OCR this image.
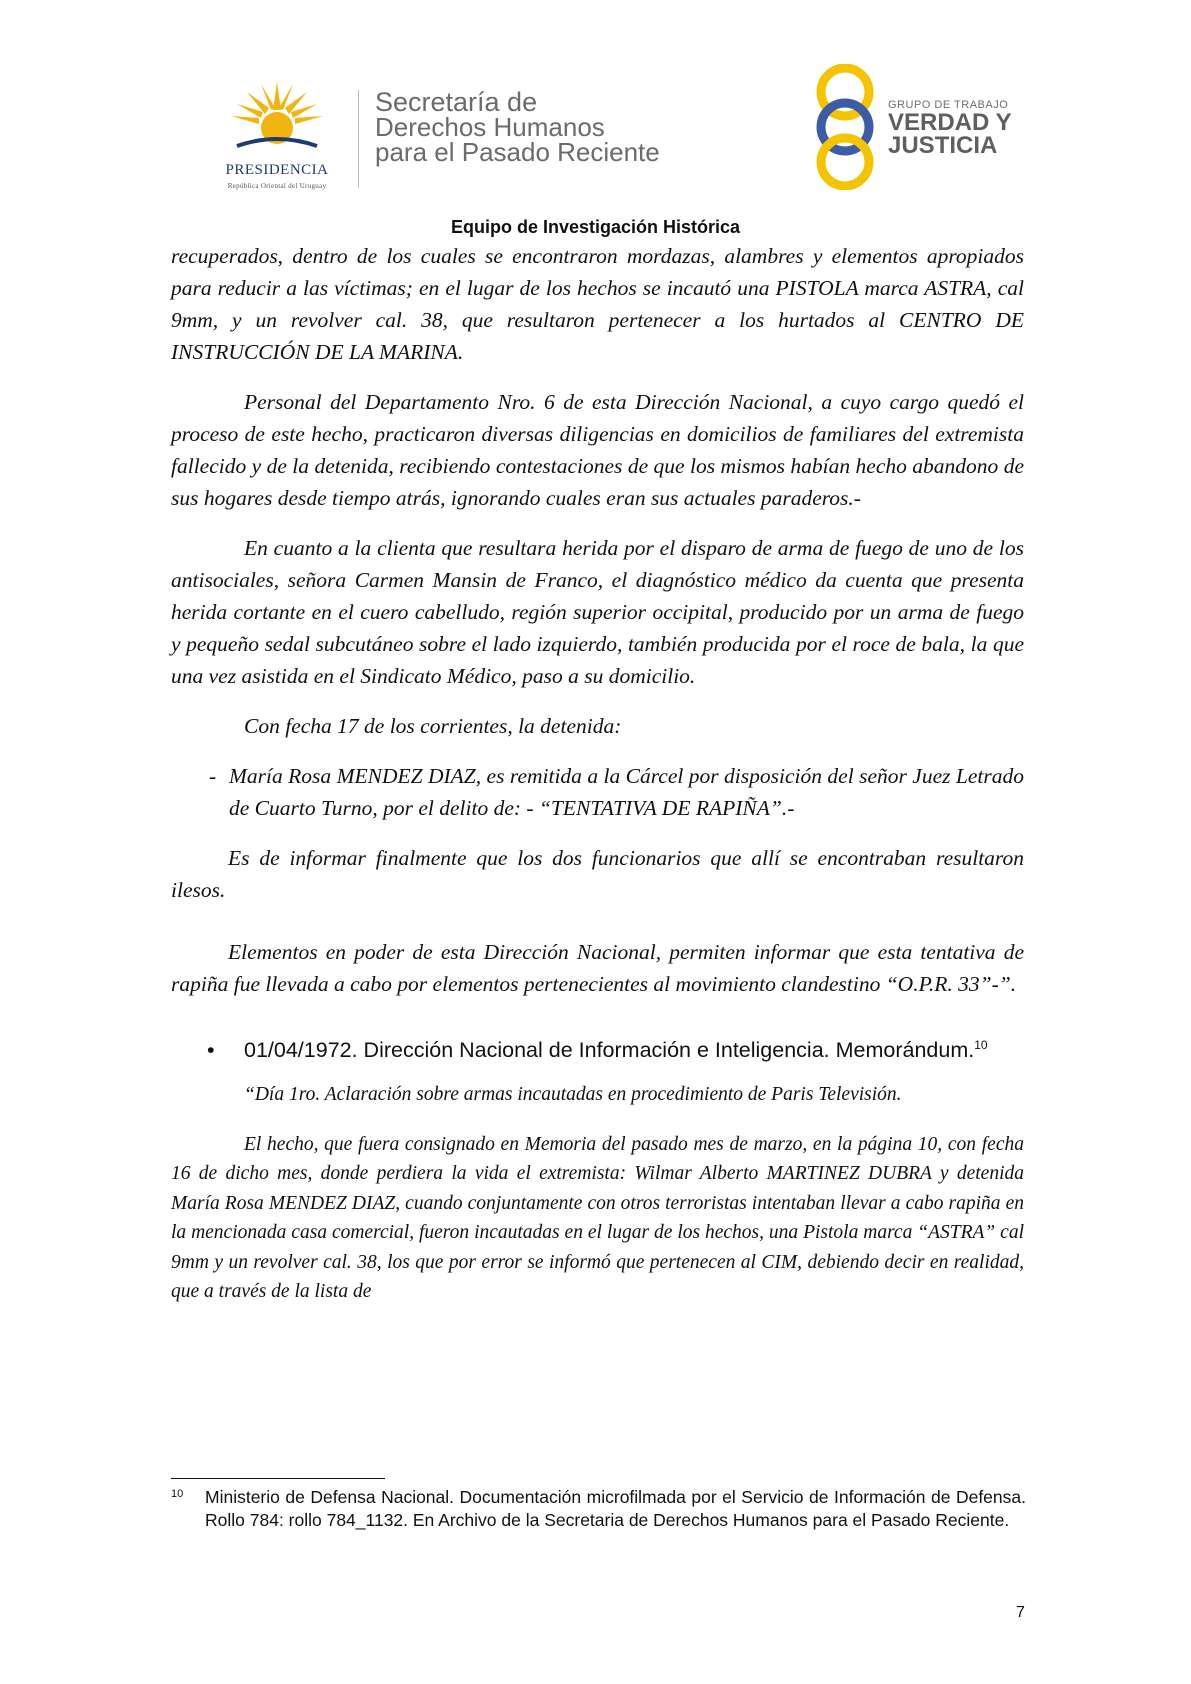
PRESIDENCIA
República Oriental del Uruguay
Secretaría de
Derechos Humanos
para el Pasado Reciente
GRUPO DE TRABAJO
VERDAD Y
JUSTICIA
Equipo de Investigación Histórica

recuperados, dentro de los cuales se encontraron mordazas, alambres y elementos apropiados para reducir a las víctimas; en el lugar de los hechos se incautó una PISTOLA marca ASTRA, cal 9mm, y un revolver cal. 38, que resultaron pertenecer a los hurtados al CENTRO DE INSTRUCCIÓN DE LA MARINA.

Personal del Departamento Nro. 6 de esta Dirección Nacional, a cuyo cargo quedó el proceso de este hecho, practicaron diversas diligencias en domicilios de familiares del extremista fallecido y de la detenida, recibiendo contestaciones de que los mismos habían hecho abandono de sus hogares desde tiempo atrás, ignorando cuales eran sus actuales paraderos.-

En cuanto a la clienta que resultara herida por el disparo de arma de fuego de uno de los antisociales, señora Carmen Mansin de Franco, el diagnóstico médico da cuenta que presenta herida cortante en el cuero cabelludo, región superior occipital, producido por un arma de fuego y pequeño sedal subcutáneo sobre el lado izquierdo, también producida por el roce de bala, la que una vez asistida en el Sindicato Médico, paso a su domicilio.

Con fecha 17 de los corrientes, la detenida:

- María Rosa MENDEZ DIAZ, es remitida a la Cárcel por disposición del señor Juez Letrado de Cuarto Turno, por el delito de: - “TENTATIVA DE RAPIÑA”.-

Es de informar finalmente que los dos funcionarios que allí se encontraban resultaron ilesos.

Elementos en poder de esta Dirección Nacional, permiten informar que esta tentativa de rapiña fue llevada a cabo por elementos pertenecientes al movimiento clandestino “O.P.R. 33”-”.

•	01/04/1972. Dirección Nacional de Información e Inteligencia. Memorándum.$^{10}$
“Día 1ro. Aclaración sobre armas incautadas en procedimiento de Paris Televisión.

El hecho, que fuera consignado en Memoria del pasado mes de marzo, en la página 10, con fecha 16 de dicho mes, donde perdiera la vida el extremista: Wilmar Alberto MARTINEZ DUBRA y detenida María Rosa MENDEZ DIAZ, cuando conjuntamente con otros terroristas intentaban llevar a cabo rapiña en la mencionada casa comercial, fueron incautadas en el lugar de los hechos, una Pistola marca “ASTRA” cal 9mm y un revolver cal. 38, los que por error se informó que pertenecen al CIM, debiendo decir en realidad, que a través de la lista de

10	Ministerio de Defensa Nacional. Documentación microfilmada por el Servicio de Información de Defensa. Rollo 784: rollo 784_1132. En Archivo de la Secretaria de Derechos Humanos para el Pasado Reciente.
7
